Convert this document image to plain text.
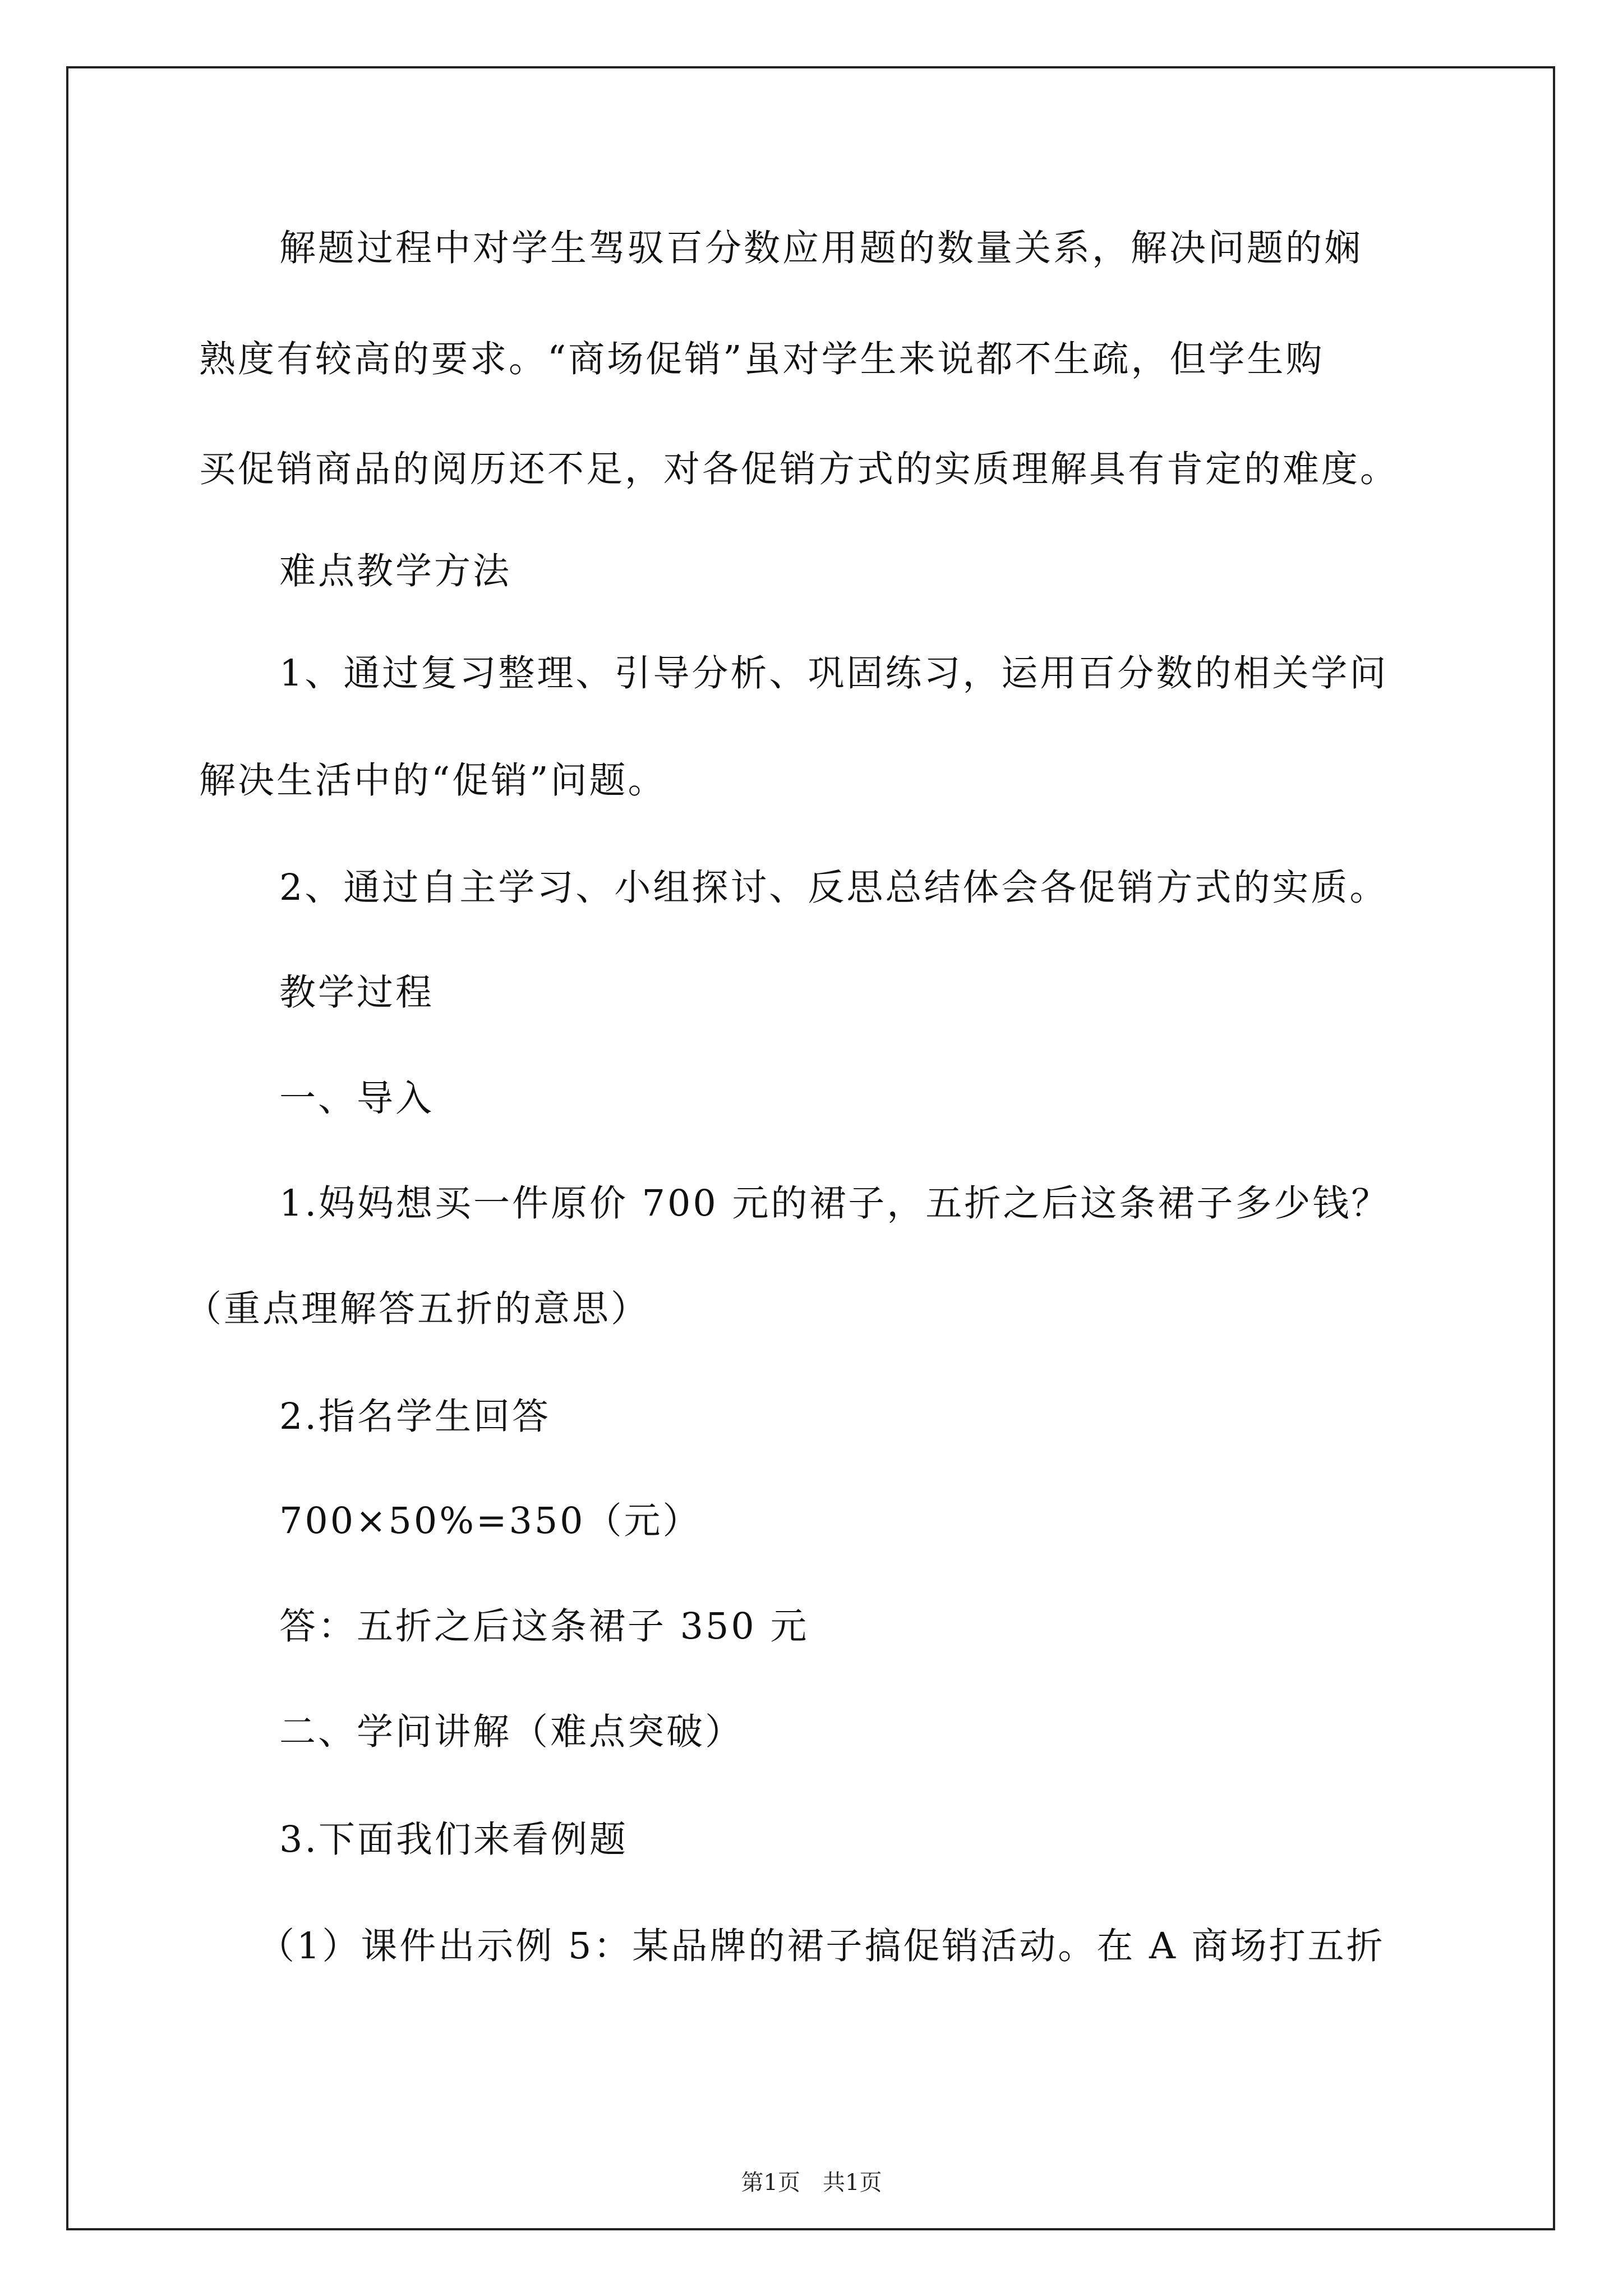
解题过程中对学生驾驭百分数应用题的数量关系，解决问题的娴
熟度有较高的要求。“商场促销”虽对学生来说都不生疏，但学生购
买促销商品的阅历还不足，对各促销方式的实质理解具有肯定的难度。
难点教学方法
1、通过复习整理、引导分析、巩固练习，运用百分数的相关学问
解决生活中的“促销”问题。
2、通过自主学习、小组探讨、反思总结体会各促销方式的实质。
教学过程
一、导入
1.妈妈想买一件原价 700 元的裙子，五折之后这条裙子多少钱？
（重点理解答五折的意思）
2.指名学生回答
700×50%=350（元）
答：五折之后这条裙子 350 元
二、学问讲解（难点突破）
3.下面我们来看例题
（1）课件出示例 5：某品牌的裙子搞促销活动。在 A 商场打五折
第1页　共1页
